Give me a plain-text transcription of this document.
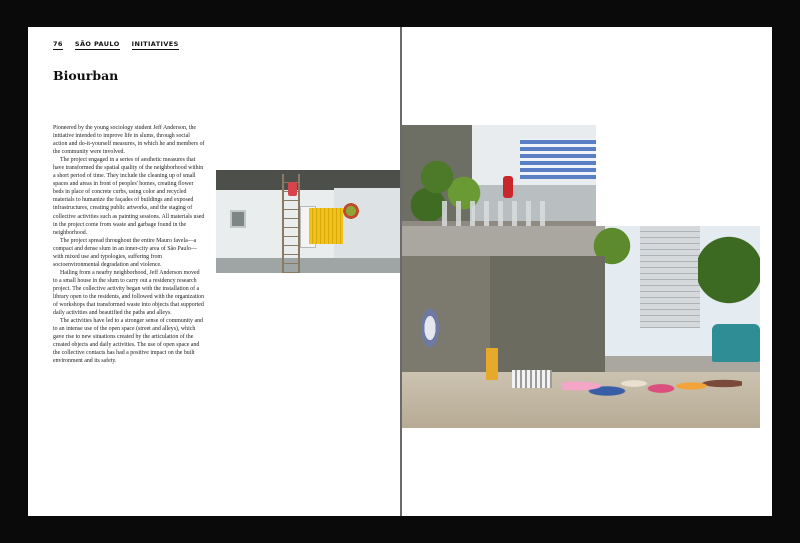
76 SÃO PAULO INITIATIVES
Biourban

Pioneered by the young sociology student Jeff Anderson, the initiative intended to improve life in slums, through social action and do-it-yourself measures, in which he and members of the community were involved.

The project engaged in a series of aesthetic measures that have transformed the spatial quality of the neighborhood within a short period of time. They include the cleaning up of small spaces and areas in front of peoples' homes, creating flower beds in place of concrete curbs, using color and recycled materials to humanize the façades of buildings and exposed infrastructures, creating public artworks, and the staging of collective activities such as painting sessions. All materials used in the project come from waste and garbage found in the neighborhood.

The project spread throughout the entire Mauro favela—a compact and dense slum in an inner-city area of São Paulo—with mixed use and typologies, suffering from socioenvironmental degradation and violence.

Hailing from a nearby neighborhood, Jeff Anderson moved to a small house in the slum to carry out a residency research project. The collective activity began with the installation of a library open to the residents, and followed with the organization of workshops that transformed waste into objects that supported daily activities and beautified the paths and alleys.

The activities have led to a stronger sense of community and to an intense use of the open space (street and alleys), which gave rise to new situations created by the articulation of the created objects and daily activities. The use of open space and the collective contacts has had a positive impact on the built environment and its safety.
